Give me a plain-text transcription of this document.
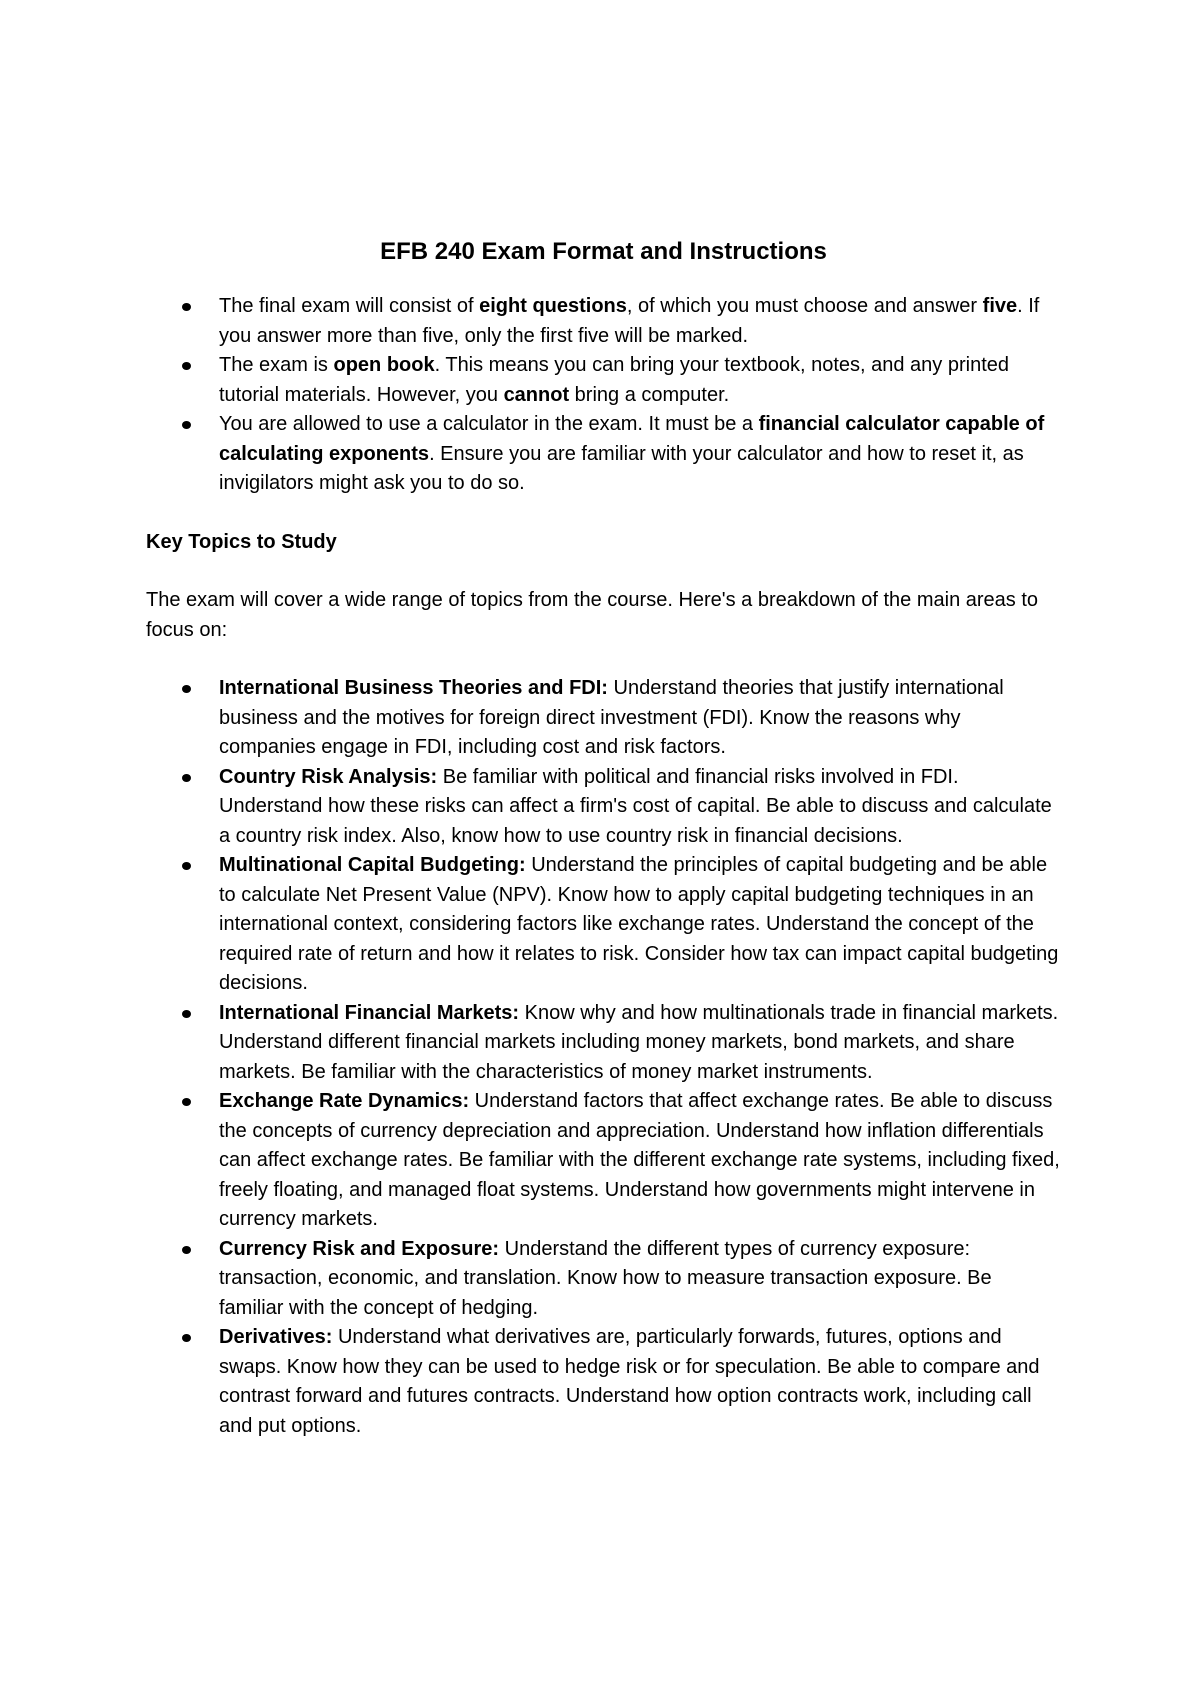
EFB 240 Exam Format and Instructions
The final exam will consist of eight questions, of which you must choose and answer five. If you answer more than five, only the first five will be marked.
The exam is open book. This means you can bring your textbook, notes, and any printed tutorial materials. However, you cannot bring a computer.
You are allowed to use a calculator in the exam. It must be a financial calculator capable of calculating exponents. Ensure you are familiar with your calculator and how to reset it, as invigilators might ask you to do so.
Key Topics to Study
The exam will cover a wide range of topics from the course. Here's a breakdown of the main areas to focus on:
International Business Theories and FDI: Understand theories that justify international business and the motives for foreign direct investment (FDI). Know the reasons why companies engage in FDI, including cost and risk factors.
Country Risk Analysis: Be familiar with political and financial risks involved in FDI. Understand how these risks can affect a firm's cost of capital. Be able to discuss and calculate a country risk index. Also, know how to use country risk in financial decisions.
Multinational Capital Budgeting: Understand the principles of capital budgeting and be able to calculate Net Present Value (NPV). Know how to apply capital budgeting techniques in an international context, considering factors like exchange rates. Understand the concept of the required rate of return and how it relates to risk. Consider how tax can impact capital budgeting decisions.
International Financial Markets: Know why and how multinationals trade in financial markets. Understand different financial markets including money markets, bond markets, and share markets. Be familiar with the characteristics of money market instruments.
Exchange Rate Dynamics: Understand factors that affect exchange rates. Be able to discuss the concepts of currency depreciation and appreciation. Understand how inflation differentials can affect exchange rates. Be familiar with the different exchange rate systems, including fixed, freely floating, and managed float systems. Understand how governments might intervene in currency markets.
Currency Risk and Exposure: Understand the different types of currency exposure: transaction, economic, and translation. Know how to measure transaction exposure. Be familiar with the concept of hedging.
Derivatives: Understand what derivatives are, particularly forwards, futures, options and swaps. Know how they can be used to hedge risk or for speculation. Be able to compare and contrast forward and futures contracts. Understand how option contracts work, including call and put options.
